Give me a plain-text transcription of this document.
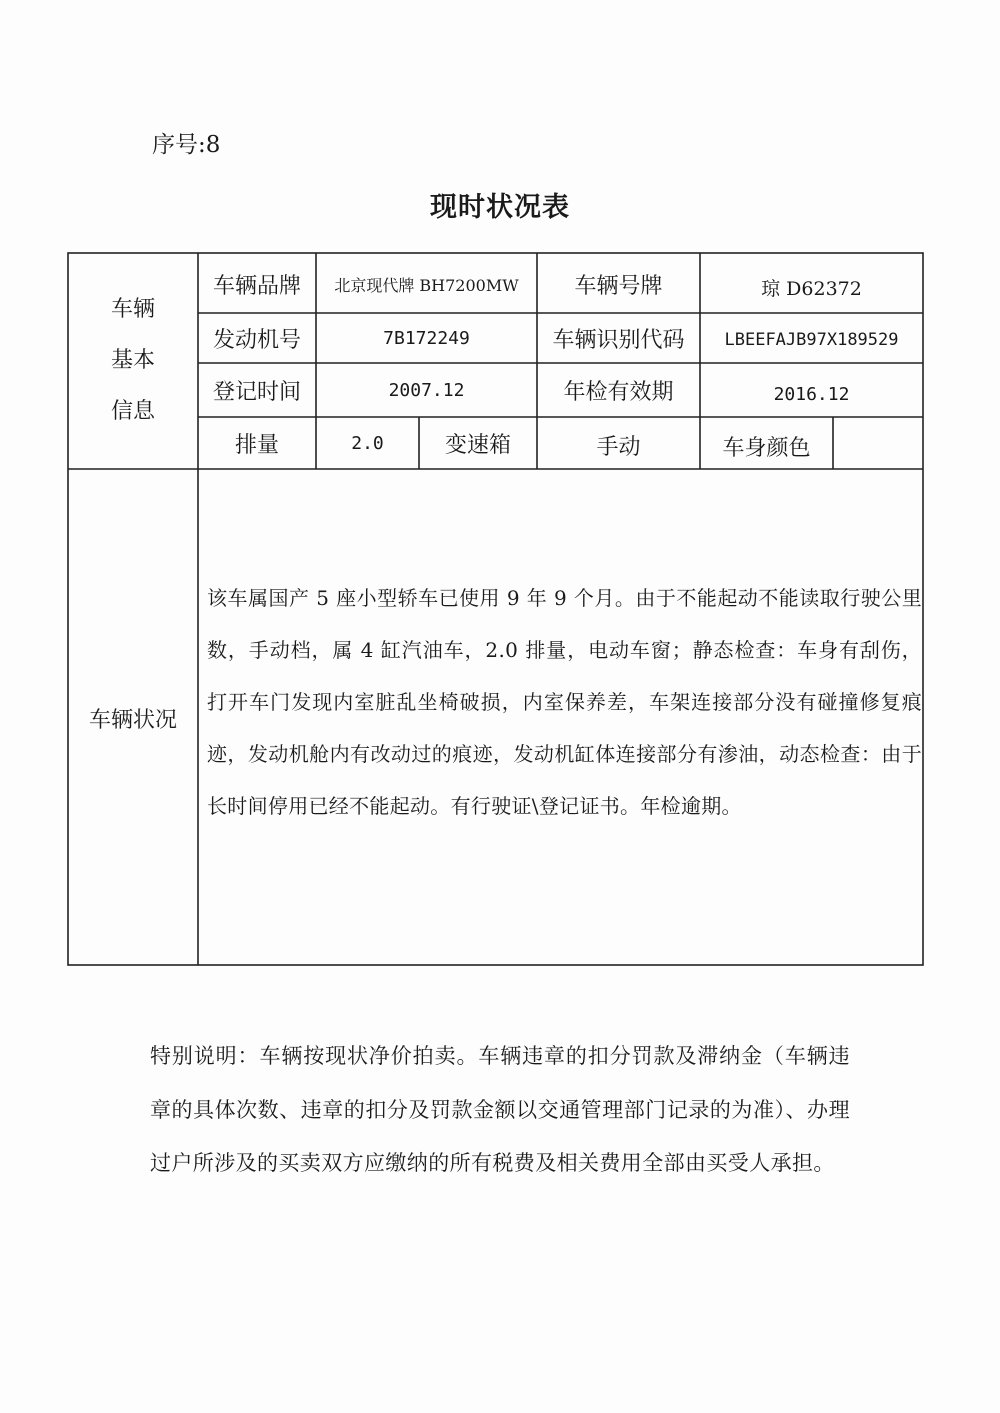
序号:8
现时状况表
车辆
基本
信息
车辆品牌	北京现代牌 BH7200MW	车辆号牌	琼 D62372
发动机号	7B172249	车辆识别代码	LBEEFAJB97X189529
登记时间	2007.12	年检有效期	2016.12
排量	2.0	变速箱	手动	车身颜色
车辆状况
该车属国产 5 座小型轿车已使用 9 年 9 个月。由于不能起动不能读取行驶公里数，手动档，属 4 缸汽油车，2.0 排量，电动车窗；静态检查：车身有刮伤，打开车门发现内室脏乱坐椅破损，内室保养差，车架连接部分没有碰撞修复痕迹，发动机舱内有改动过的痕迹，发动机缸体连接部分有渗油，动态检查：由于长时间停用已经不能起动。有行驶证\登记证书。年检逾期。
特别说明：车辆按现状净价拍卖。车辆违章的扣分罚款及滞纳金（车辆违章的具体次数、违章的扣分及罚款金额以交通管理部门记录的为准）、办理过户所涉及的买卖双方应缴纳的所有税费及相关费用全部由买受人承担。
